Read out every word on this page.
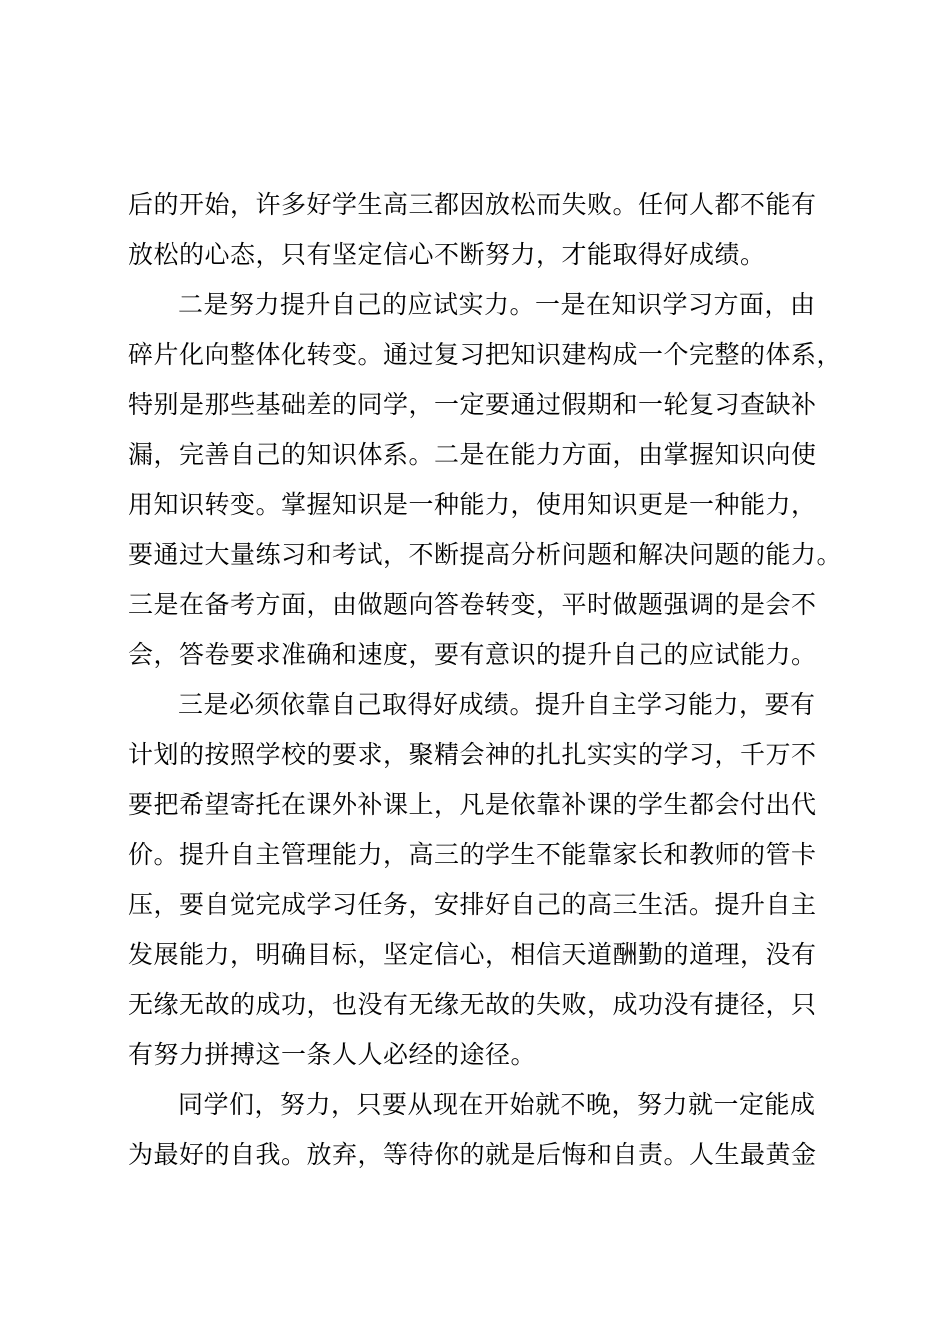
后的开始，许多好学生高三都因放松而失败。任何人都不能有
放松的心态，只有坚定信心不断努力，才能取得好成绩。
二是努力提升自己的应试实力。一是在知识学习方面，由
碎片化向整体化转变。通过复习把知识建构成一个完整的体系，
特别是那些基础差的同学，一定要通过假期和一轮复习查缺补
漏，完善自己的知识体系。二是在能力方面，由掌握知识向使
用知识转变。掌握知识是一种能力，使用知识更是一种能力，
要通过大量练习和考试，不断提高分析问题和解决问题的能力。
三是在备考方面，由做题向答卷转变，平时做题强调的是会不
会，答卷要求准确和速度，要有意识的提升自己的应试能力。
三是必须依靠自己取得好成绩。提升自主学习能力，要有
计划的按照学校的要求，聚精会神的扎扎实实的学习，千万不
要把希望寄托在课外补课上，凡是依靠补课的学生都会付出代
价。提升自主管理能力，高三的学生不能靠家长和教师的管卡
压，要自觉完成学习任务，安排好自己的高三生活。提升自主
发展能力，明确目标，坚定信心，相信天道酬勤的道理，没有
无缘无故的成功，也没有无缘无故的失败，成功没有捷径，只
有努力拼搏这一条人人必经的途径。
同学们，努力，只要从现在开始就不晚，努力就一定能成
为最好的自我。放弃，等待你的就是后悔和自责。人生最黄金
